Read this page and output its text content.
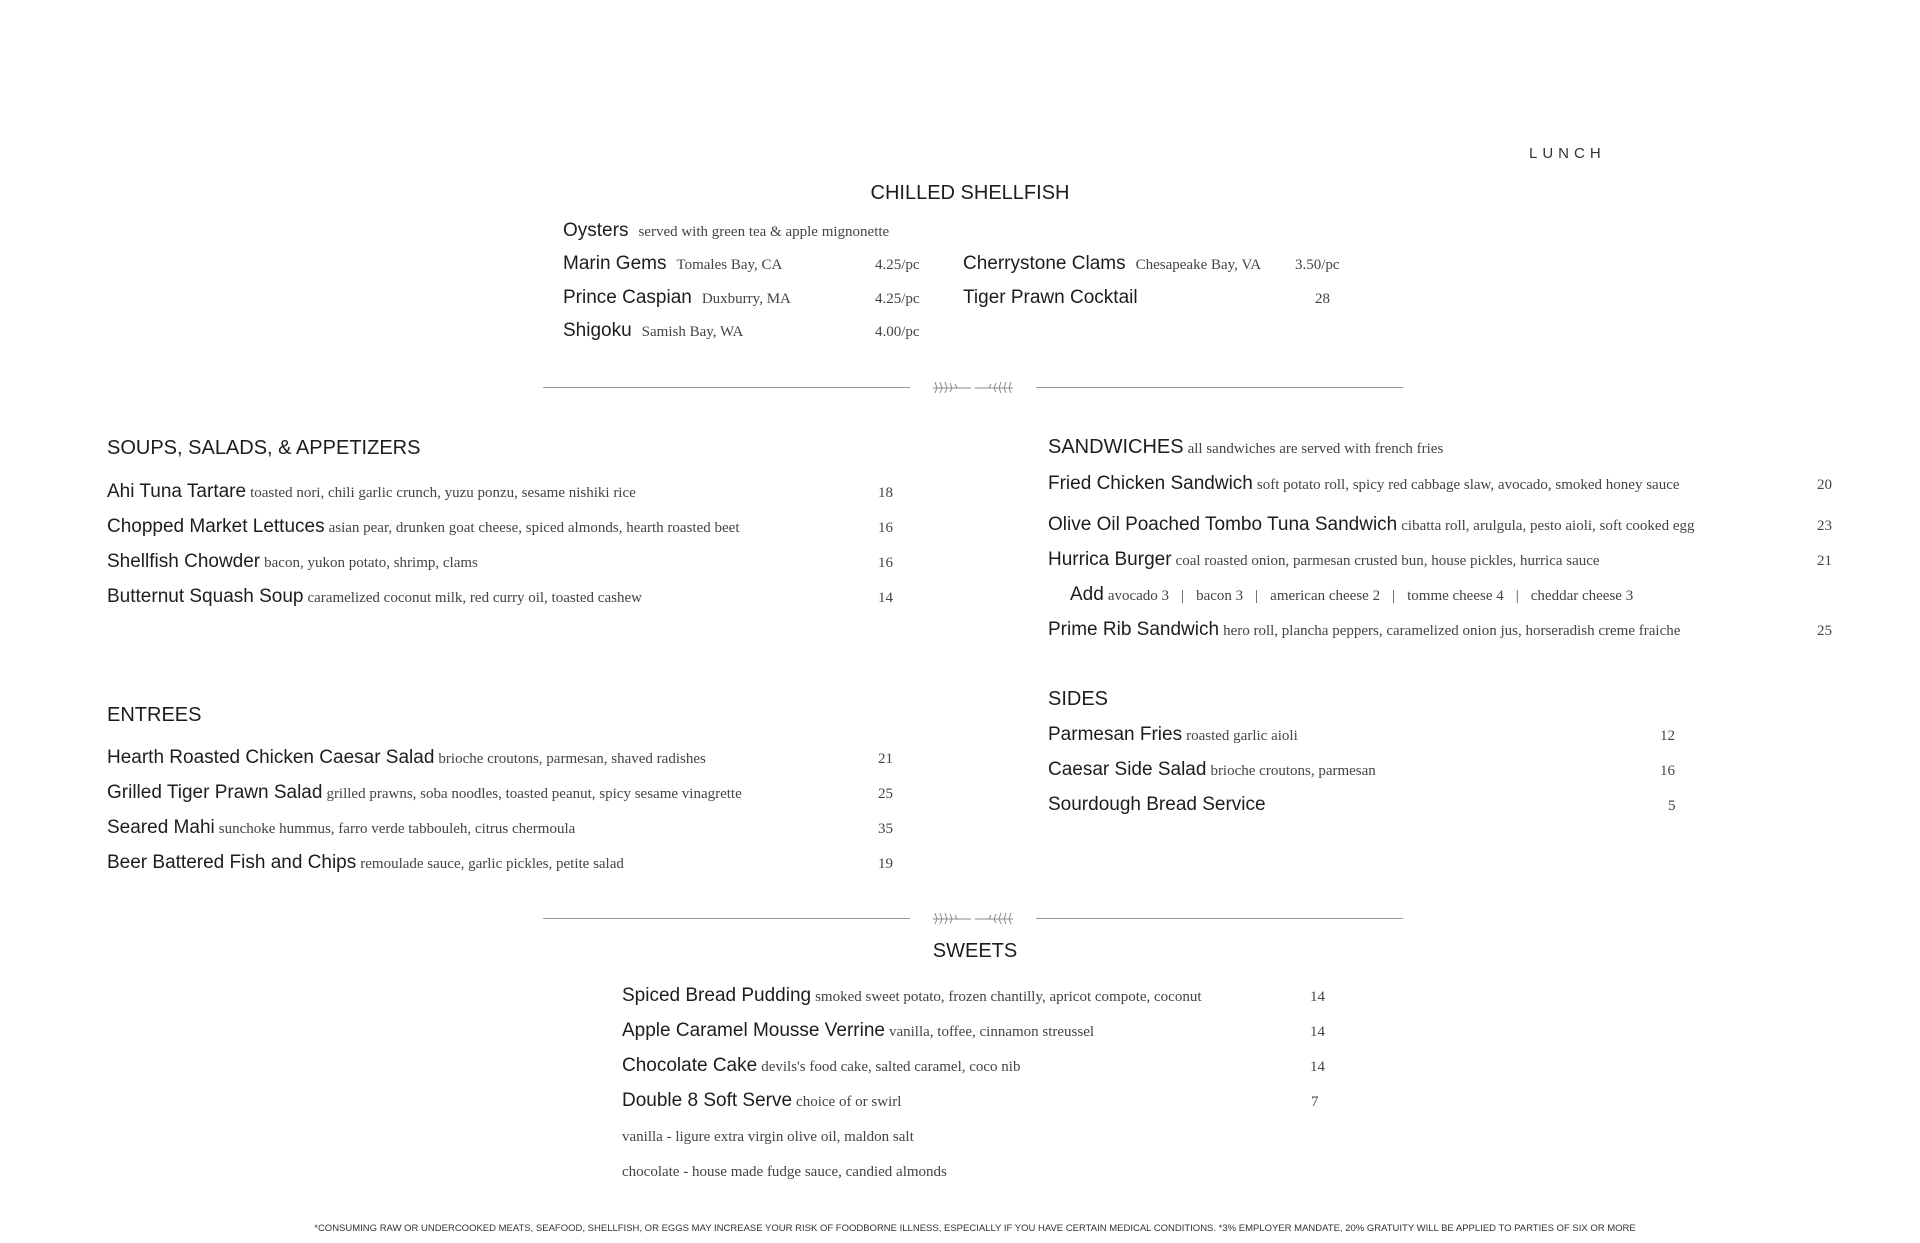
LUNCH
CHILLED SHELLFISH
Oysters served with green tea & apple mignonette
Marin Gems Tomales Bay, CA	4.25/pc
Prince Caspian Duxburry, MA	4.25/pc
Shigoku Samish Bay, WA	4.00/pc
Cherrystone Clams Chesapeake Bay, VA 3.50/pc
Tiger Prawn Cocktail	28
SOUPS, SALADS, & APPETIZERS
Ahi Tuna Tartare toasted nori, chili garlic crunch, yuzu ponzu, sesame nishiki rice	18
Chopped Market Lettuces asian pear, drunken goat cheese, spiced almonds, hearth roasted beet	16
Shellfish Chowder bacon, yukon potato, shrimp, clams	16
Butternut Squash Soup caramelized coconut milk, red curry oil, toasted cashew	14
ENTREES
Hearth Roasted Chicken Caesar Salad brioche croutons, parmesan, shaved radishes	21
Grilled Tiger Prawn Salad grilled prawns, soba noodles, toasted peanut, spicy sesame vinagrette	25
Seared Mahi sunchoke hummus, farro verde tabbouleh, citrus chermoula	35
Beer Battered Fish and Chips remoulade sauce, garlic pickles, petite salad	19
SANDWICHES all sandwiches are served with french fries
Fried Chicken Sandwich soft potato roll, spicy red cabbage slaw, avocado, smoked honey sauce	20
Olive Oil Poached Tombo Tuna Sandwich cibatta roll, arulgula, pesto aioli, soft cooked egg	23
Hurrica Burger coal roasted onion, parmesan crusted bun, house pickles, hurrica sauce	21
Add avocado 3 | bacon 3 | american cheese 2 | tomme cheese 4 | cheddar cheese 3
Prime Rib Sandwich hero roll, plancha peppers, caramelized onion jus, horseradish creme fraiche	25
SIDES
Parmesan Fries roasted garlic aioli	12
Caesar Side Salad brioche croutons, parmesan	16
Sourdough Bread Service	5
SWEETS
Spiced Bread Pudding smoked sweet potato, frozen chantilly, apricot compote, coconut	14
Apple Caramel Mousse Verrine vanilla, toffee, cinnamon streussel	14
Chocolate Cake devils's food cake, salted caramel, coco nib	14
Double 8 Soft Serve choice of or swirl	7
vanilla - ligure extra virgin olive oil, maldon salt
chocolate - house made fudge sauce, candied almonds
*CONSUMING RAW OR UNDERCOOKED MEATS, SEAFOOD, SHELLFISH, OR EGGS MAY INCREASE YOUR RISK OF FOODBORNE ILLNESS, ESPECIALLY IF YOU HAVE CERTAIN MEDICAL CONDITIONS. *3% EMPLOYER MANDATE, 20% GRATUITY WILL BE APPLIED TO PARTIES OF SIX OR MORE
